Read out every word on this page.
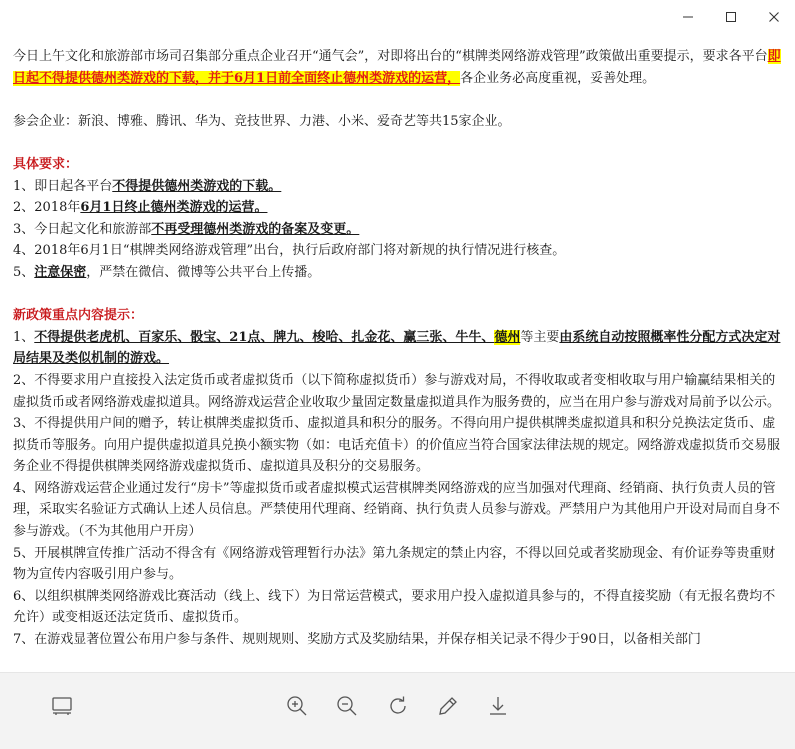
今日上午文化和旅游部市场司召集部分重点企业召开“通气会”，对即将出台的“棋牌类网络游戏管理”政策做出重要提示，要求各平台即日起不得提供德州类游戏的下载，并于6月1日前全面终止德州类游戏的运营，各企业务必高度重视，妥善处理。

参会企业：新浪、博雅、腾讯、华为、竞技世界、力港、小米、爱奇艺等共15家企业。

具体要求：

1、即日起各平台不得提供德州类游戏的下载。

2、2018年6月1日终止德州类游戏的运营。

3、今日起文化和旅游部不再受理德州类游戏的备案及变更。

4、2018年6月1日“棋牌类网络游戏管理”出台，执行后政府部门将对新规的执行情况进行核查。

5、注意保密，严禁在微信、微博等公共平台上传播。

新政策重点内容提示：

1、不得提供老虎机、百家乐、骰宝、21点、牌九、梭哈、扎金花、赢三张、牛牛、德州等主要由系统自动按照概率性分配方式决定对局结果及类似机制的游戏。

2、不得要求用户直接投入法定货币或者虚拟货币（以下简称虚拟货币）参与游戏对局，不得收取或者变相收取与用户输赢结果相关的虚拟货币或者网络游戏虚拟道具。网络游戏运营企业收取少量固定数量虚拟道具作为服务费的，应当在用户参与游戏对局前予以公示。

3、不得提供用户间的赠予，转让棋牌类虚拟货币、虚拟道具和积分的服务。不得向用户提供棋牌类虚拟道具和积分兑换法定货币、虚拟货币等服务。向用户提供虚拟道具兑换小额实物（如：电话充值卡）的价值应当符合国家法律法规的规定。网络游戏虚拟货币交易服务企业不得提供棋牌类网络游戏虚拟货币、虚拟道具及积分的交易服务。

4、网络游戏运营企业通过发行“房卡”等虚拟货币或者虚拟模式运营棋牌类网络游戏的应当加强对代理商、经销商、执行负责人员的管理，采取实名验证方式确认上述人员信息。严禁使用代理商、经销商、执行负责人员参与游戏。严禁用户为其他用户开设对局而自身不参与游戏。（不为其他用户开房）

5、开展棋牌宣传推广活动不得含有《网络游戏管理暂行办法》第九条规定的禁止内容，不得以回兑或者奖励现金、有价证券等贵重财物为宣传内容吸引用户参与。

6、以组织棋牌类网络游戏比赛活动（线上、线下）为日常运营模式，要求用户投入虚拟道具参与的，不得直接奖励（有无报名费均不允许）或变相返还法定货币、虚拟货币。

7、在游戏显著位置公布用户参与条件、规则规则、奖励方式及奖励结果，并保存相关记录不得少于90日，以备相关部门
